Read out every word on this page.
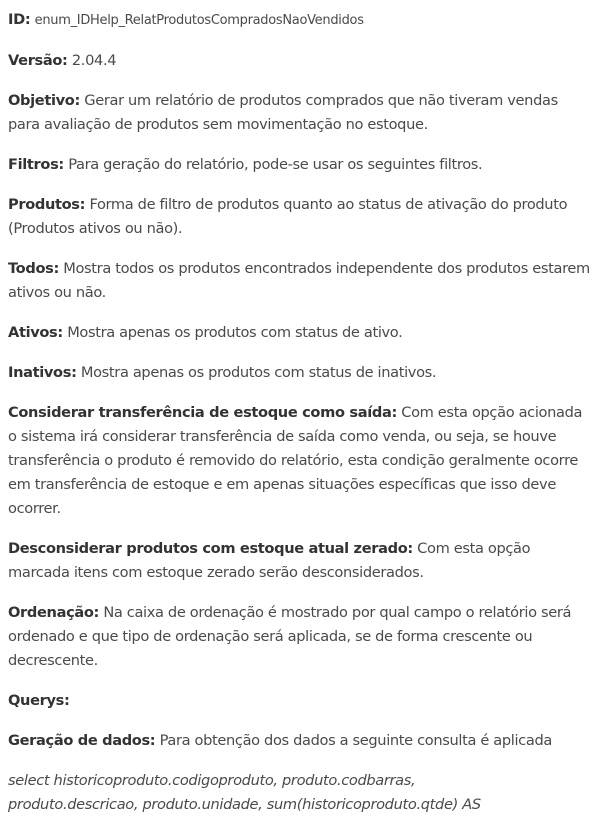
ID: enum_IDHelp_RelatProdutosCompradosNaoVendidos

Versão: 2.04.4

Objetivo: Gerar um relatório de produtos comprados que não tiveram vendas para avaliação de produtos sem movimentação no estoque.

Filtros: Para geração do relatório, pode-se usar os seguintes filtros.

Produtos: Forma de filtro de produtos quanto ao status de ativação do produto (Produtos ativos ou não).

Todos: Mostra todos os produtos encontrados independente dos produtos estarem ativos ou não.

Ativos: Mostra apenas os produtos com status de ativo.

Inativos: Mostra apenas os produtos com status de inativos.

Considerar transferência de estoque como saída: Com esta opção acionada o sistema irá considerar transferência de saída como venda, ou seja, se houve transferência o produto é removido do relatório, esta condição geralmente ocorre em transferência de estoque e em apenas situações específicas que isso deve ocorrer.

Desconsiderar produtos com estoque atual zerado: Com esta opção marcada itens com estoque zerado serão desconsiderados.

Ordenação: Na caixa de ordenação é mostrado por qual campo o relatório será ordenado e que tipo de ordenação será aplicada, se de forma crescente ou decrescente.

Querys:

Geração de dados: Para obtenção dos dados a seguinte consulta é aplicada

select historicoproduto.codigoproduto, produto.codbarras,
produto.descricao, produto.unidade, sum(historicoproduto.qtde) AS
